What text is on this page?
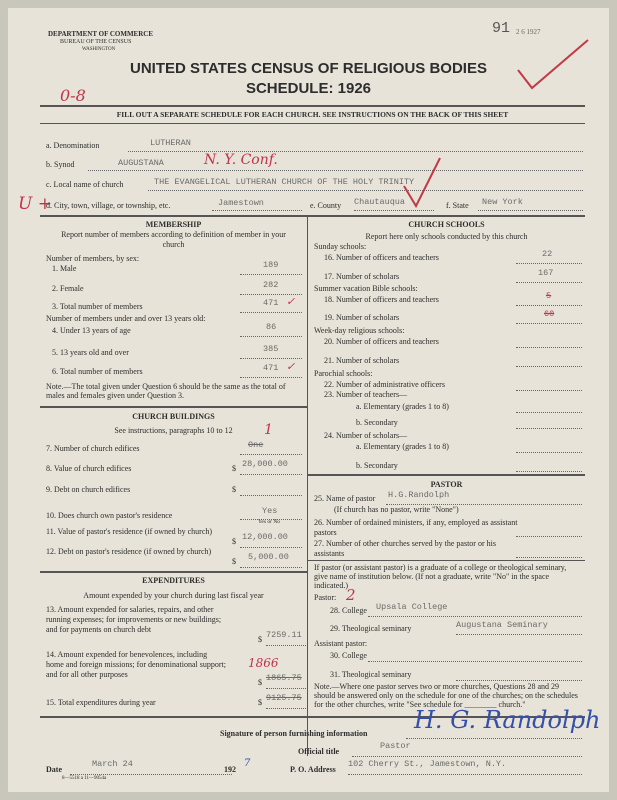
DEPARTMENT OF COMMERCE
BUREAU OF THE CENSUS
WASHINGTON
91 2 6 1927
0-8
UNITED STATES CENSUS OF RELIGIOUS BODIES
SCHEDULE: 1926
FILL OUT A SEPARATE SCHEDULE FOR EACH CHURCH. SEE INSTRUCTIONS ON THE BACK OF THIS SHEET
a. Denomination	LUTHERAN
b. Synod	AUGUSTANA	N. Y. Conf.
c. Local name of church	THE EVANGELICAL LUTHERAN CHURCH OF THE HOLY TRINITY
U +
d. City, town, village, or township, etc.	Jamestown	e. County Chautauqua	f. State New York
MEMBERSHIP
Report number of members according to definition of member in your church
Number of members, by sex:
1. Male	189
2. Female	282
3. Total number of members	471 ✓
Number of members under and over 13 years old:
4. Under 13 years of age	86
5. 13 years old and over	385
6. Total number of members	471 ✓
Note.—The total given under Question 6 should be the same as the total of males and females given under Question 3.
CHURCH BUILDINGS
See instructions, paragraphs 10 to 12	1
7. Number of church edifices	One
8. Value of church edifices	$ 28,000.00
9. Debt on church edifices	$
10. Does church own pastor's residence	Yes
Yes or No
11. Value of pastor's residence (if owned by church)
$ 12,000.00
12. Debt on pastor's residence (if owned by church)
$ 5,000.00
EXPENDITURES
Amount expended by your church during last fiscal year
13. Amount expended for salaries, repairs, and other running expenses; for improvements or new buildings; and for payments on church debt
$ 7259.11
14. Amount expended for benevolences, including home and foreign missions; for denominational support; and for all other purposes
1866
$ 1865.75
15. Total expenditures during year	$ 9125.75
CHURCH SCHOOLS
Report here only schools conducted by this church
Sunday schools:
16. Number of officers and teachers	22
17. Number of scholars	167
Summer vacation Bible schools:
18. Number of officers and teachers	5
19. Number of scholars	60
Week-day religious schools:
20. Number of officers and teachers
21. Number of scholars
Parochial schools:
22. Number of administrative officers
23. Number of teachers—
a. Elementary (grades 1 to 8)
b. Secondary
24. Number of scholars—
a. Elementary (grades 1 to 8)
b. Secondary
PASTOR
25. Name of pastor H.G.Randolph
(If church has no pastor, write "None")
26. Number of ordained ministers, if any, employed as assistant pastors
27. Number of other churches served by the pastor or his assistants
If pastor (or assistant pastor) is a graduate of a college or theological seminary, give name of institution below. (If not a graduate, write "No" in the space indicated.)
Pastor: 2
28. College Upsala College
29. Theological seminary	Augustana Seminary
Assistant pastor:
30. College
31. Theological seminary
Note.—Where one pastor serves two or more churches, Questions 28 and 29 should be answered only on the schedule for one of the churches; on the schedules for the other churches, write "See schedule for ________ church."
Signature of person furnishing information H. G. Randolph
Official title
Pastor
Date
March 24
192
7
P. O. Address
102 Cherry St., Jamestown, N.Y.
8—5518 a 11—9054a
